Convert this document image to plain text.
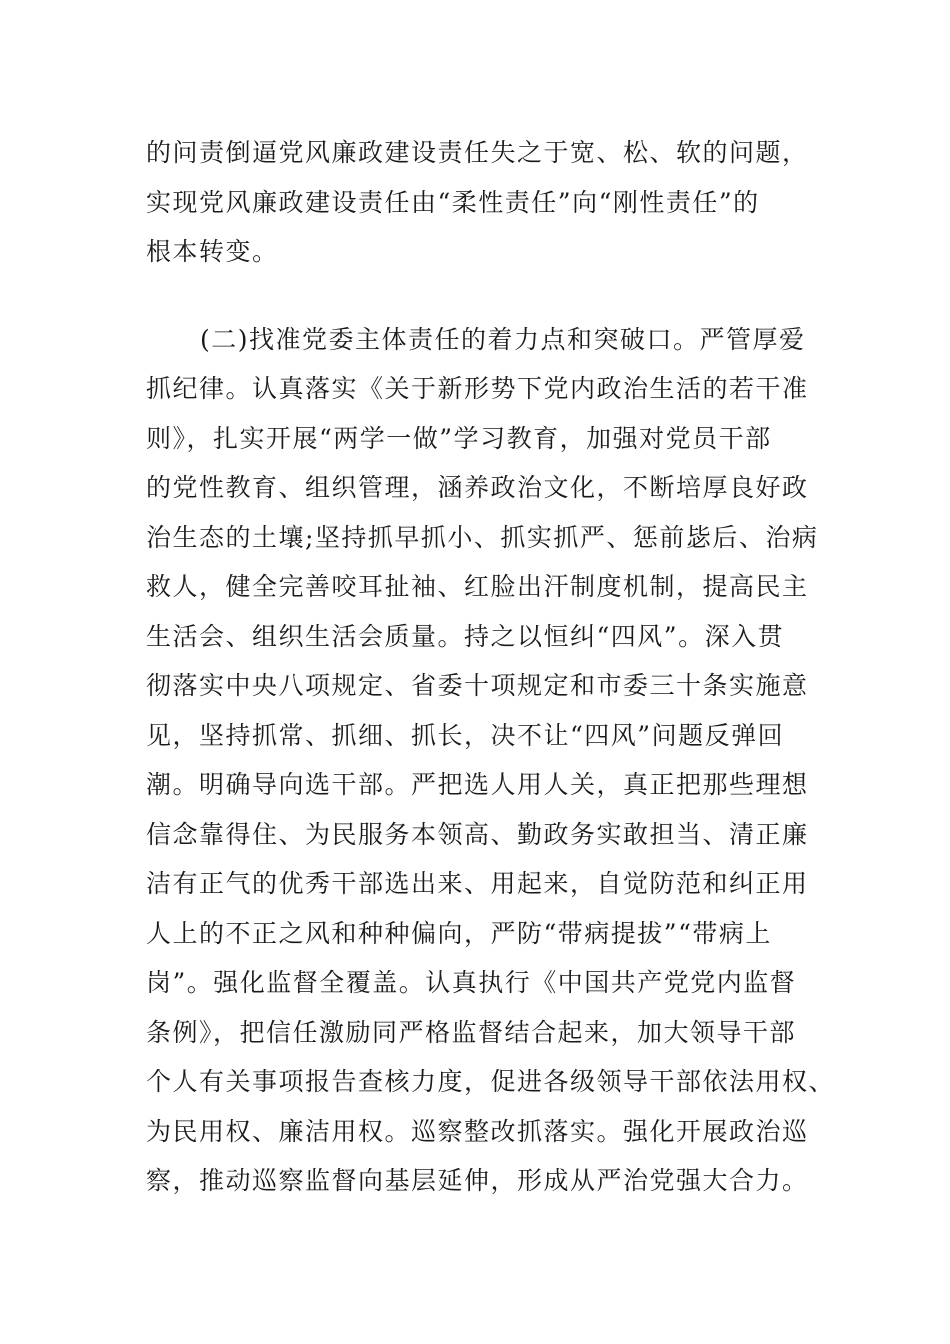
的问责倒逼党风廉政建设责任失之于宽、松、软的问题，
实现党风廉政建设责任由“柔性责任”向“刚性责任”的
根本转变。
(二)找准党委主体责任的着力点和突破口。严管厚爱
抓纪律。认真落实《关于新形势下党内政治生活的若干准
则》，扎实开展“两学一做”学习教育，加强对党员干部
的党性教育、组织管理，涵养政治文化，不断培厚良好政
治生态的土壤;坚持抓早抓小、抓实抓严、惩前毖后、治病
救人，健全完善咬耳扯袖、红脸出汗制度机制，提高民主
生活会、组织生活会质量。持之以恒纠“四风”。深入贯
彻落实中央八项规定、省委十项规定和市委三十条实施意
见，坚持抓常、抓细、抓长，决不让“四风”问题反弹回
潮。明确导向选干部。严把选人用人关，真正把那些理想
信念靠得住、为民服务本领高、勤政务实敢担当、清正廉
洁有正气的优秀干部选出来、用起来，自觉防范和纠正用
人上的不正之风和种种偏向，严防“带病提拔”“带病上
岗”。强化监督全覆盖。认真执行《中国共产党党内监督
条例》，把信任激励同严格监督结合起来，加大领导干部
个人有关事项报告查核力度，促进各级领导干部依法用权、
为民用权、廉洁用权。巡察整改抓落实。强化开展政治巡
察，推动巡察监督向基层延伸，形成从严治党强大合力。
